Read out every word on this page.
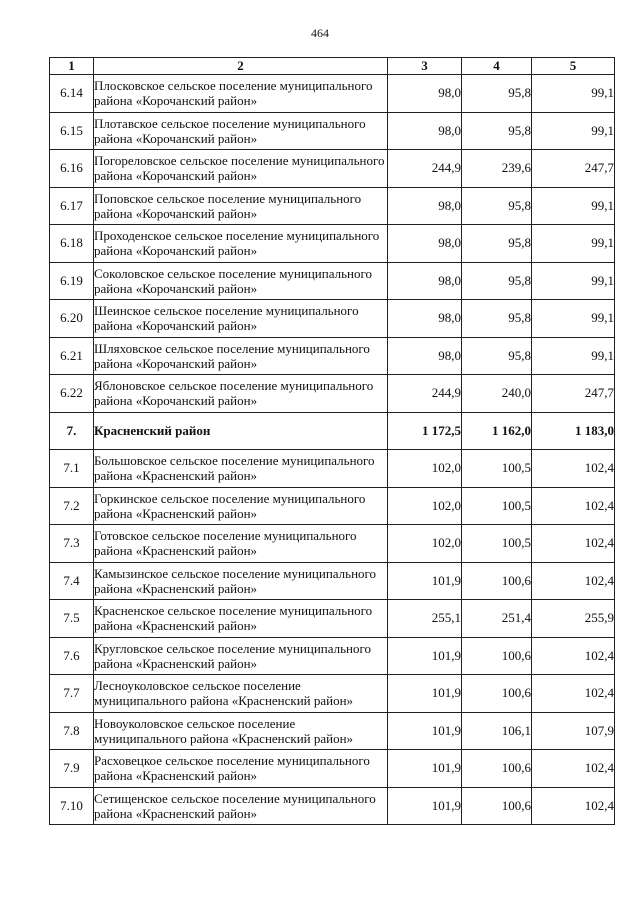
464
1	2	3	4	5
6.14	Плосковское сельское поселение муниципального района «Корочанский район»	98,0	95,8	99,1
6.15	Плотавское сельское поселение муниципального района «Корочанский район»	98,0	95,8	99,1
6.16	Погореловское сельское поселение муниципального района «Корочанский район»	244,9	239,6	247,7
6.17	Поповское сельское поселение муниципального района «Корочанский район»	98,0	95,8	99,1
6.18	Проходенское сельское поселение муниципального района «Корочанский район»	98,0	95,8	99,1
6.19	Соколовское сельское поселение муниципального района «Корочанский район»	98,0	95,8	99,1
6.20	Шеинское сельское поселение муниципального района «Корочанский район»	98,0	95,8	99,1
6.21	Шляховское сельское поселение муниципального района «Корочанский район»	98,0	95,8	99,1
6.22	Яблоновское сельское поселение муниципального района «Корочанский район»	244,9	240,0	247,7
7.	Красненский район	1 172,5	1 162,0	1 183,0
7.1	Большовское сельское поселение муниципального района «Красненский район»	102,0	100,5	102,4
7.2	Горкинское сельское поселение муниципального района «Красненский район»	102,0	100,5	102,4
7.3	Готовское сельское поселение муниципального района «Красненский район»	102,0	100,5	102,4
7.4	Камызинское сельское поселение муниципального района «Красненский район»	101,9	100,6	102,4
7.5	Красненское сельское поселение муниципального района «Красненский район»	255,1	251,4	255,9
7.6	Кругловское сельское поселение муниципального района «Красненский район»	101,9	100,6	102,4
7.7	Лесноуколовское сельское поселение муниципального района «Красненский район»	101,9	100,6	102,4
7.8	Новоуколовское сельское поселение муниципального района «Красненский район»	101,9	106,1	107,9
7.9	Расховецкое сельское поселение муниципального района «Красненский район»	101,9	100,6	102,4
7.10	Сетищенское сельское поселение муниципального района «Красненский район»	101,9	100,6	102,4
